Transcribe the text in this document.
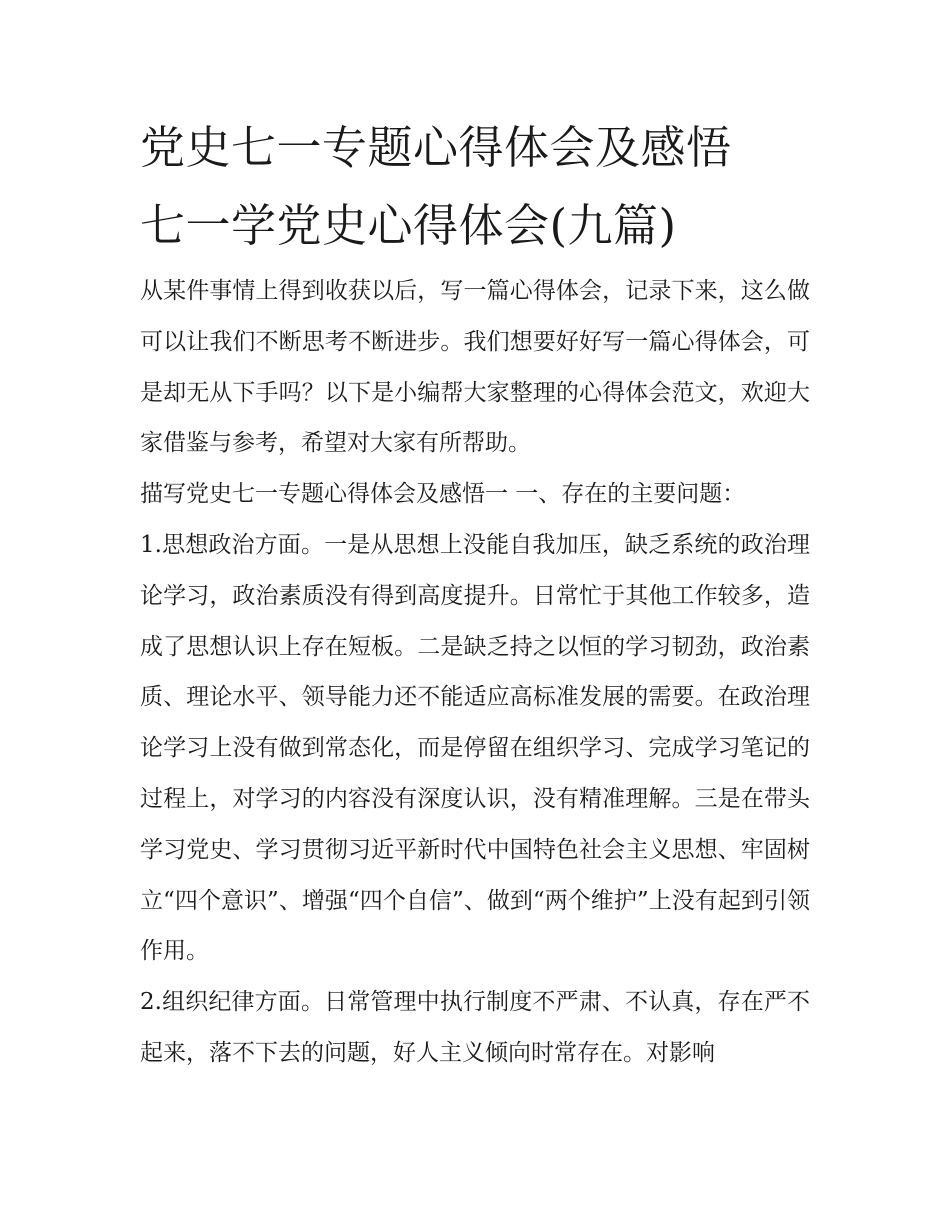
党史七一专题心得体会及感悟
七一学党史心得体会(九篇)

从某件事情上得到收获以后，写一篇心得体会，记录下来，这么做可以让我们不断思考不断进步。我们想要好好写一篇心得体会，可是却无从下手吗？以下是小编帮大家整理的心得体会范文，欢迎大家借鉴与参考，希望对大家有所帮助。

描写党史七一专题心得体会及感悟一 一、存在的主要问题：

1.思想政治方面。一是从思想上没能自我加压，缺乏系统的政治理论学习，政治素质没有得到高度提升。日常忙于其他工作较多，造成了思想认识上存在短板。二是缺乏持之以恒的学习韧劲，政治素质、理论水平、领导能力还不能适应高标准发展的需要。在政治理论学习上没有做到常态化，而是停留在组织学习、完成学习笔记的过程上，对学习的内容没有深度认识，没有精准理解。三是在带头学习党史、学习贯彻习近平新时代中国特色社会主义思想、牢固树立“四个意识”、增强“四个自信”、做到“两个维护”上没有起到引领作用。

2.组织纪律方面。日常管理中执行制度不严肃、不认真，存在严不起来，落不下去的问题，好人主义倾向时常存在。对影响
